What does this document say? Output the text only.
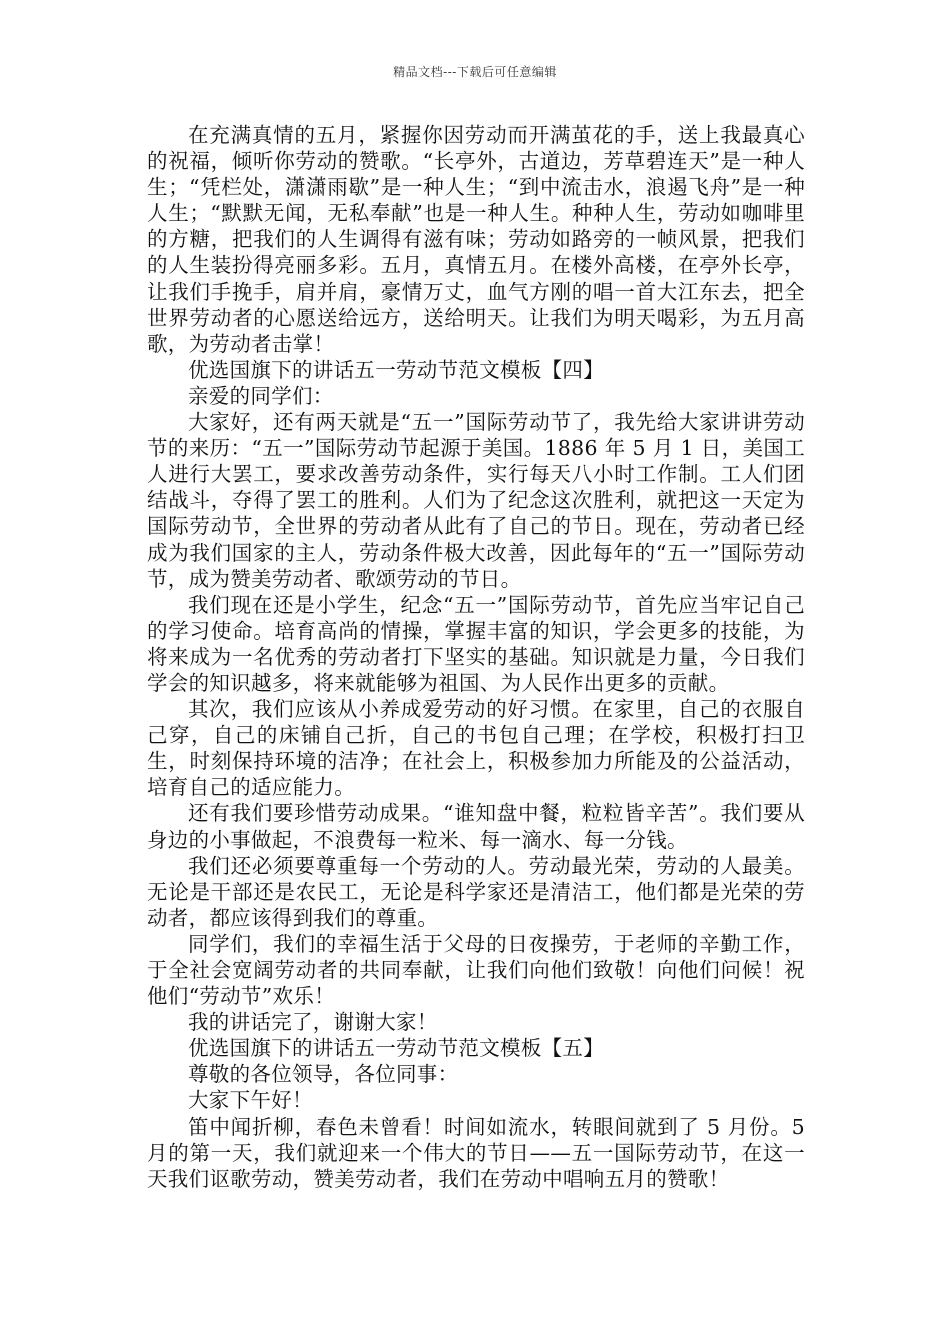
精品文档---下载后可任意编辑

在充满真情的五月，紧握你因劳动而开满茧花的手，送上我最真心的祝福，倾听你劳动的赞歌。“长亭外，古道边，芳草碧连天”是一种人生；“凭栏处，潇潇雨歇”是一种人生；“到中流击水，浪遏飞舟”是一种人生；“默默无闻，无私奉献”也是一种人生。种种人生，劳动如咖啡里的方糖，把我们的人生调得有滋有味；劳动如路旁的一帧风景，把我们的人生装扮得亮丽多彩。五月，真情五月。在楼外高楼，在亭外长亭，让我们手挽手，肩并肩，豪情万丈，血气方刚的唱一首大江东去，把全世界劳动者的心愿送给远方，送给明天。让我们为明天喝彩，为五月高歌，为劳动者击掌！

优选国旗下的讲话五一劳动节范文模板【四】

亲爱的同学们：

大家好，还有两天就是“五一”国际劳动节了，我先给大家讲讲劳动节的来历：“五一”国际劳动节起源于美国。1886 年 5 月 1 日，美国工人进行大罢工，要求改善劳动条件，实行每天八小时工作制。工人们团结战斗，夺得了罢工的胜利。人们为了纪念这次胜利，就把这一天定为国际劳动节，全世界的劳动者从此有了自己的节日。现在，劳动者已经成为我们国家的主人，劳动条件极大改善，因此每年的“五一”国际劳动节，成为赞美劳动者、歌颂劳动的节日。

我们现在还是小学生，纪念“五一”国际劳动节，首先应当牢记自己的学习使命。培育高尚的情操，掌握丰富的知识，学会更多的技能，为将来成为一名优秀的劳动者打下坚实的基础。知识就是力量，今日我们学会的知识越多，将来就能够为祖国、为人民作出更多的贡献。

其次，我们应该从小养成爱劳动的好习惯。在家里，自己的衣服自己穿，自己的床铺自己折，自己的书包自己理；在学校，积极打扫卫生，时刻保持环境的洁净；在社会上，积极参加力所能及的公益活动，培育自己的适应能力。

还有我们要珍惜劳动成果。“谁知盘中餐，粒粒皆辛苦”。我们要从身边的小事做起，不浪费每一粒米、每一滴水、每一分钱。

我们还必须要尊重每一个劳动的人。劳动最光荣，劳动的人最美。无论是干部还是农民工，无论是科学家还是清洁工，他们都是光荣的劳动者，都应该得到我们的尊重。

同学们，我们的幸福生活于父母的日夜操劳，于老师的辛勤工作，于全社会宽阔劳动者的共同奉献，让我们向他们致敬！向他们问候！祝他们“劳动节”欢乐！

我的讲话完了，谢谢大家！

优选国旗下的讲话五一劳动节范文模板【五】

尊敬的各位领导，各位同事：

大家下午好！

笛中闻折柳，春色未曾看！时间如流水，转眼间就到了 5 月份。5 月的第一天，我们就迎来一个伟大的节日——五一国际劳动节，在这一天我们讴歌劳动，赞美劳动者，我们在劳动中唱响五月的赞歌！
